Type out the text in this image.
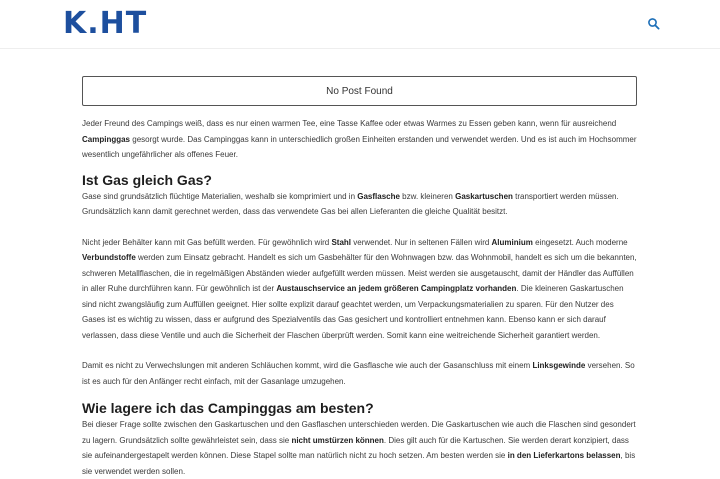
K.HT
No Post Found

Jeder Freund des Campings weiß, dass es nur einen warmen Tee, eine Tasse Kaffee oder etwas Warmes zu Essen geben kann, wenn für ausreichend Campinggas gesorgt wurde. Das Campinggas kann in unterschiedlich großen Einheiten erstanden und verwendet werden. Und es ist auch im Hochsommer wesentlich ungefährlicher als offenes Feuer.

Ist Gas gleich Gas?

Gase sind grundsätzlich flüchtige Materialien, weshalb sie komprimiert und in Gasflasche bzw. kleineren Gaskartuschen transportiert werden müssen. Grundsätzlich kann damit gerechnet werden, dass das verwendete Gas bei allen Lieferanten die gleiche Qualität besitzt.

Nicht jeder Behälter kann mit Gas befüllt werden. Für gewöhnlich wird Stahl verwendet. Nur in seltenen Fällen wird Aluminium eingesetzt. Auch moderne Verbundstoffe werden zum Einsatz gebracht. Handelt es sich um Gasbehälter für den Wohnwagen bzw. das Wohnmobil, handelt es sich um die bekannten, schweren Metallflaschen, die in regelmäßigen Abständen wieder aufgefüllt werden müssen. Meist werden sie ausgetauscht, damit der Händler das Auffüllen in aller Ruhe durchführen kann. Für gewöhnlich ist der Austauschservice an jedem größeren Campingplatz vorhanden. Die kleineren Gaskartuschen sind nicht zwangsläufig zum Auffüllen geeignet. Hier sollte explizit darauf geachtet werden, um Verpackungsmaterialien zu sparen. Für den Nutzer des Gases ist es wichtig zu wissen, dass er aufgrund des Spezialventils das Gas gesichert und kontrolliert entnehmen kann. Ebenso kann er sich darauf verlassen, dass diese Ventile und auch die Sicherheit der Flaschen überprüft werden. Somit kann eine weitreichende Sicherheit garantiert werden.

Damit es nicht zu Verwechslungen mit anderen Schläuchen kommt, wird die Gasflasche wie auch der Gasanschluss mit einem Linksgewinde versehen. So ist es auch für den Anfänger recht einfach, mit der Gasanlage umzugehen.

Wie lagere ich das Campinggas am besten?

Bei dieser Frage sollte zwischen den Gaskartuschen und den Gasflaschen unterschieden werden. Die Gaskartuschen wie auch die Flaschen sind gesondert zu lagern. Grundsätzlich sollte gewährleistet sein, dass sie nicht umstürzen können. Dies gilt auch für die Kartuschen. Sie werden derart konzipiert, dass sie aufeinandergestapelt werden können. Diese Stapel sollte man natürlich nicht zu hoch setzen. Am besten werden sie in den Lieferkartons belassen, bis sie verwendet werden sollen.
